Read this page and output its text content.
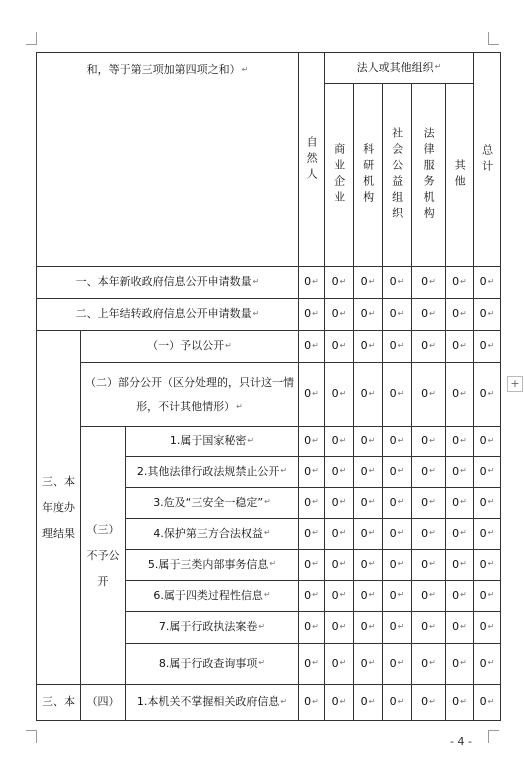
和，等于第三项加第四项之和）↵			自然人	法人或其他组织↵					总计

				商业企业	科研机构	社会公益组织	法律服务机构	其他	

一、本年新收政府信息公开申请数量↵			0↵	0↵	0↵	0↵	0↵	0↵	0↵
二、上年结转政府信息公开申请数量↵			0↵	0↵	0↵	0↵	0↵	0↵	0↵

三、本年度办理结果	（一）予以公开↵		0↵	0↵	0↵	0↵	0↵	0↵	0↵

	（二）部分公开（区分处理的，只计这一情形，不计其他情形）↵		0↵	0↵	0↵	0↵	0↵	0↵	0↵

	（三）不予公开	1.属于国家秘密↵	0↵	0↵	0↵	0↵	0↵	0↵	0↵
		2.其他法律行政法规禁止公开↵	0↵	0↵	0↵	0↵	0↵	0↵	0↵
		3.危及“三安全一稳定”↵	0↵	0↵	0↵	0↵	0↵	0↵	0↵
		4.保护第三方合法权益↵	0↵	0↵	0↵	0↵	0↵	0↵	0↵
		5.属于三类内部事务信息↵	0↵	0↵	0↵	0↵	0↵	0↵	0↵
		6.属于四类过程性信息↵	0↵	0↵	0↵	0↵	0↵	0↵	0↵
		7.属于行政执法案卷↵	0↵	0↵	0↵	0↵	0↵	0↵	0↵
		8.属于行政查询事项↵	0↵	0↵	0↵	0↵	0↵	0↵	0↵
三、本	（四）	1.本机关不掌握相关政府信息↵	0↵	0↵	0↵	0↵	0↵	0↵	0↵
+
- 4 -
